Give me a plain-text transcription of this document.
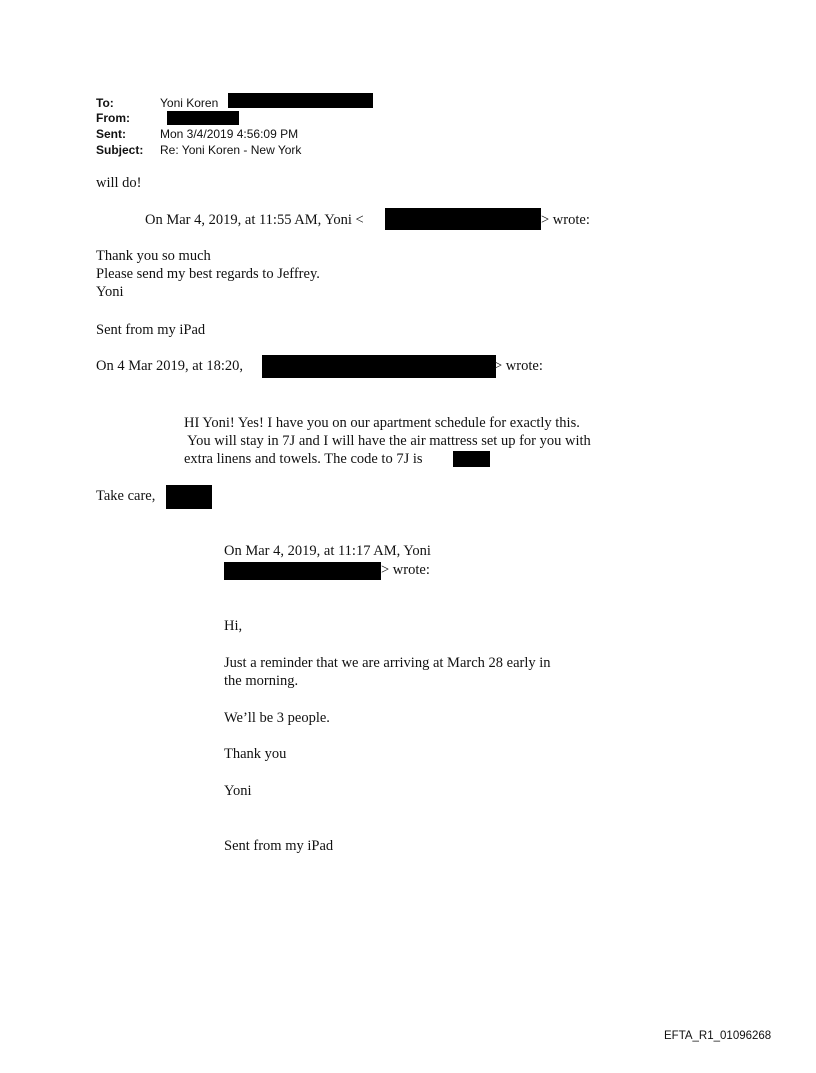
To:	Yoni Koren
From:
Sent:	Mon 3/4/2019 4:56:09 PM
Subject: Re: Yoni Koren - New York
will do!
On Mar 4, 2019, at 11:55 AM, Yoni <	> wrote:
Thank you so much
Please send my best regards to Jeffrey.
Yoni
Sent from my iPad
On 4 Mar 2019, at 18:20,	> wrote:
HI Yoni! Yes! I have you on our apartment schedule for exactly this.
You will stay in 7J and I will have the air mattress set up for you with
extra linens and towels. The code to 7J is
Take care,
On Mar 4, 2019, at 11:17 AM, Yoni
> wrote:
Hi,
Just a reminder that we are arriving at March 28 early in
the morning.
We’ll be 3 people.
Thank you
Yoni
Sent from my iPad
EFTA_R1_01096268
